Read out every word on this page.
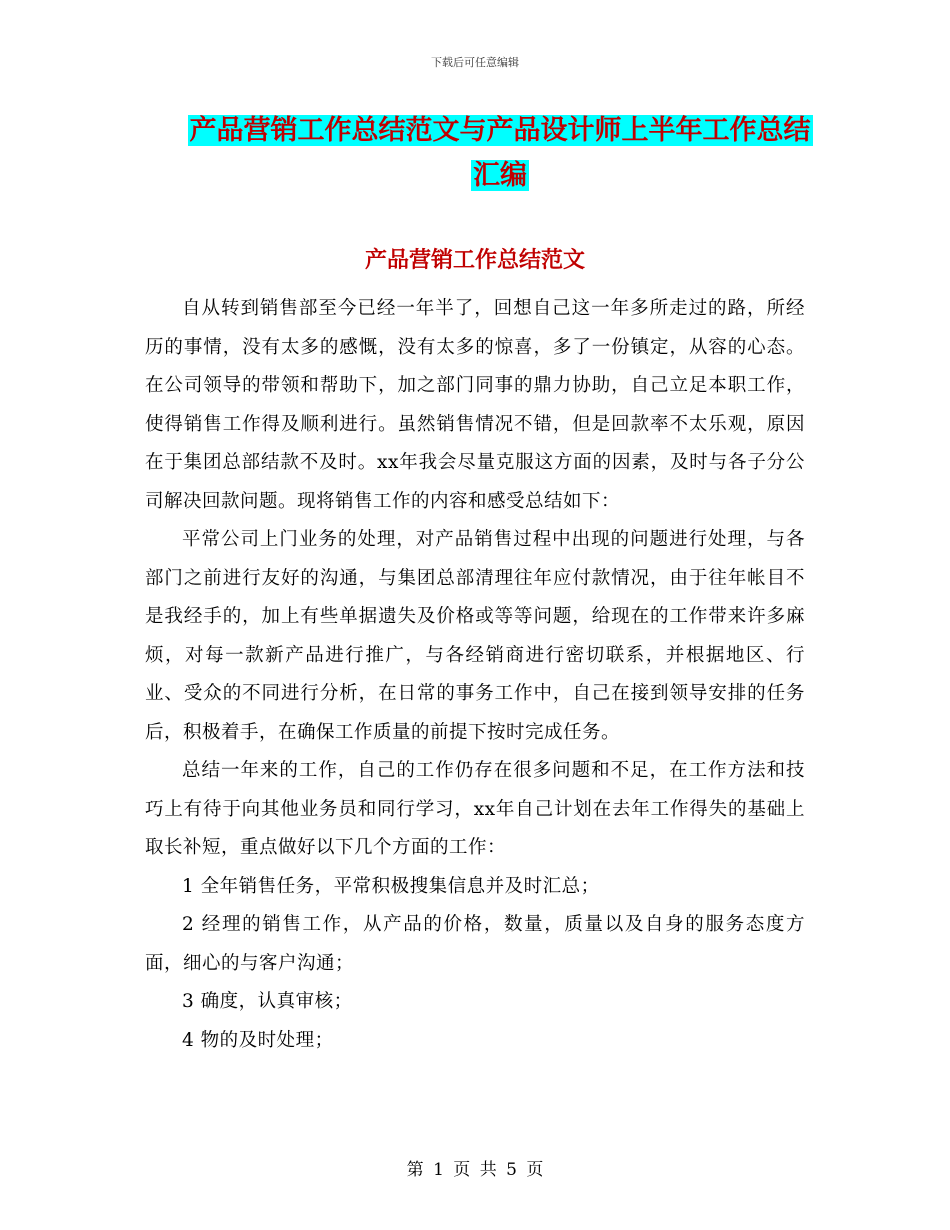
下载后可任意编辑
产品营销工作总结范文与产品设计师上半年工作总结
汇编
产品营销工作总结范文

自从转到销售部至今已经一年半了，回想自己这一年多所走过的路，所经历的事情，没有太多的感慨，没有太多的惊喜，多了一份镇定，从容的心态。在公司领导的带领和帮助下，加之部门同事的鼎力协助，自己立足本职工作，使得销售工作得及顺利进行。虽然销售情况不错，但是回款率不太乐观，原因在于集团总部结款不及时。xx年我会尽量克服这方面的因素，及时与各子分公司解决回款问题。现将销售工作的内容和感受总结如下：

平常公司上门业务的处理，对产品销售过程中出现的问题进行处理，与各部门之前进行友好的沟通，与集团总部清理往年应付款情况，由于往年帐目不是我经手的，加上有些单据遗失及价格或等等问题，给现在的工作带来许多麻烦，对每一款新产品进行推广，与各经销商进行密切联系，并根据地区、行业、受众的不同进行分析，在日常的事务工作中，自己在接到领导安排的任务后，积极着手，在确保工作质量的前提下按时完成任务。

总结一年来的工作，自己的工作仍存在很多问题和不足，在工作方法和技巧上有待于向其他业务员和同行学习，xx年自己计划在去年工作得失的基础上取长补短，重点做好以下几个方面的工作：

1 全年销售任务，平常积极搜集信息并及时汇总；

2 经理的销售工作，从产品的价格，数量，质量以及自身的服务态度方面，细心的与客户沟通；

3 确度，认真审核；

4 物的及时处理；

第 1 页 共 5 页
